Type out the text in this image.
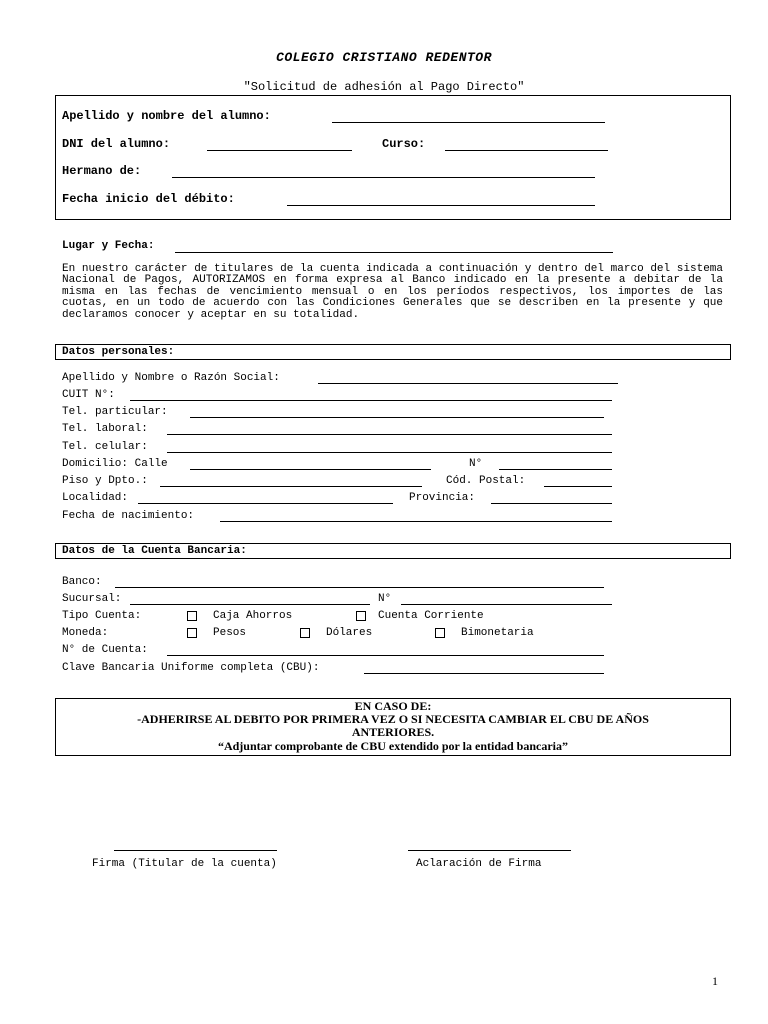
COLEGIO CRISTIANO REDENTOR
"Solicitud de adhesión al Pago Directo"
Apellido y nombre del alumno:
DNI del alumno:	Curso:
Hermano de:
Fecha inicio del débito:
Lugar y Fecha:
En nuestro carácter de titulares de la cuenta indicada a continuación y dentro del marco del sistema Nacional de Pagos, AUTORIZAMOS en forma expresa al Banco indicado en la presente a debitar de la misma en las fechas de vencimiento mensual o en los períodos respectivos, los importes de las cuotas, en un todo de acuerdo con las Condiciones Generales que se describen en la presente y que declaramos conocer y aceptar en su totalidad.
Datos personales:
Apellido y Nombre o Razón Social:
CUIT N°:
Tel. particular:
Tel. laboral:
Tel. celular:
Domicilio: Calle	N°
Piso y Dpto.:	Cód. Postal:
Localidad:	Provincia:
Fecha de nacimiento:
Datos de la Cuenta Bancaria:
Banco:
Sucursal:	N°
Tipo Cuenta:	Caja Ahorros	Cuenta Corriente
Moneda:	Pesos	Dólares	Bimonetaria
N° de Cuenta:
Clave Bancaria Uniforme completa (CBU):
EN CASO DE:
-ADHERIRSE AL DEBITO POR PRIMERA VEZ O SI NECESITA CAMBIAR EL CBU DE AÑOS
ANTERIORES.
“Adjuntar comprobante de CBU extendido por la entidad bancaria”
Firma (Titular de la cuenta)	Aclaración de Firma
1
